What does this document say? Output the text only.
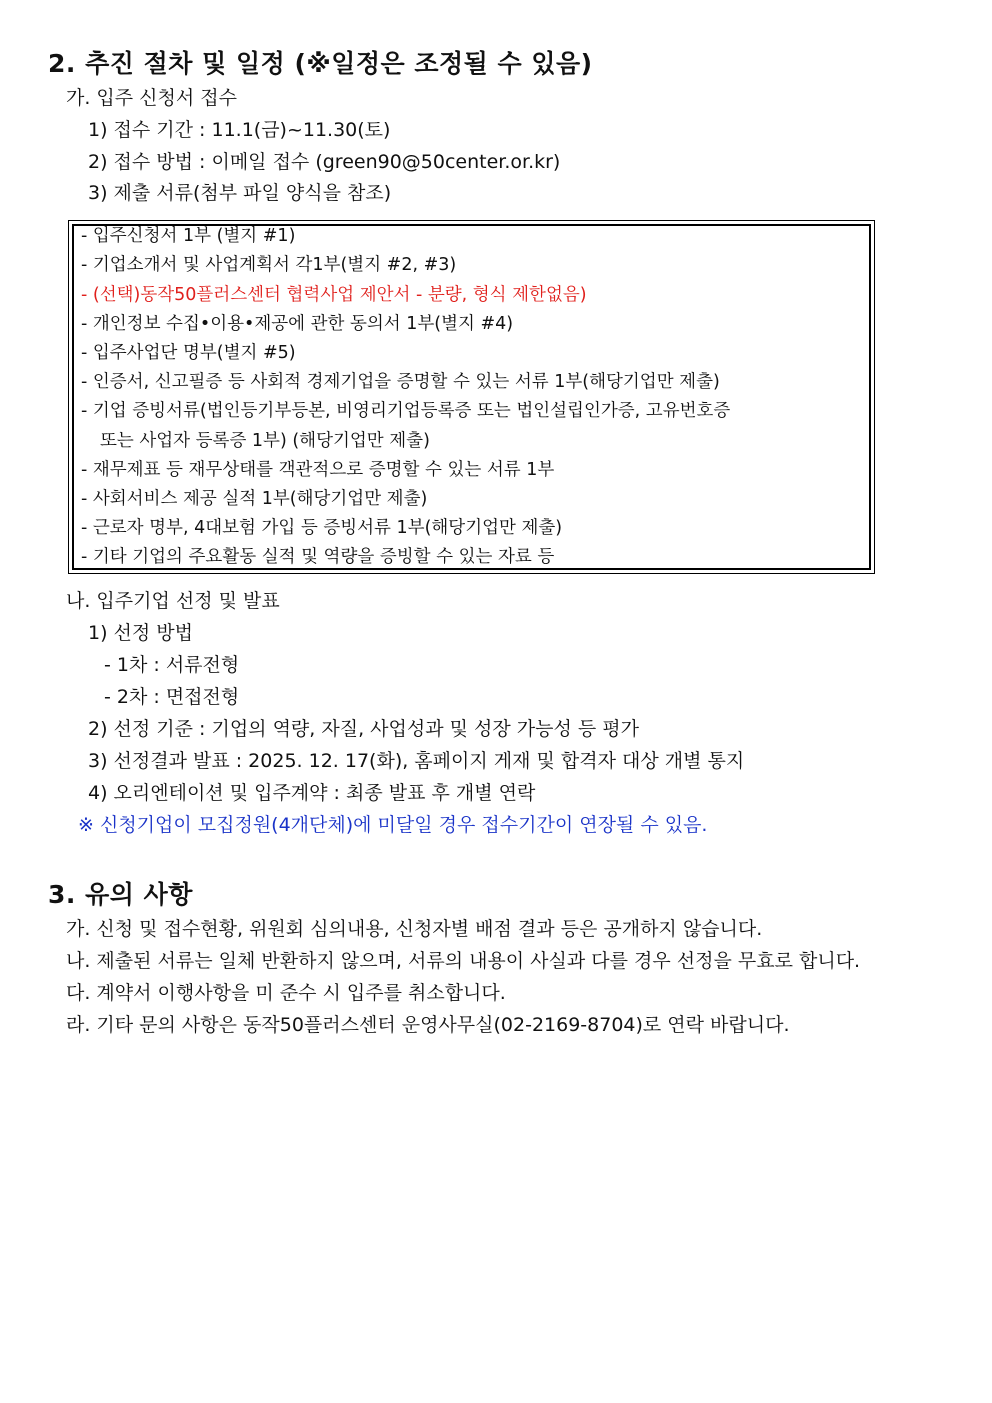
2. 추진 절차 및 일정 (※일정은 조정될 수 있음)
가. 입주 신청서 접수
1) 접수 기간 : 11.1(금)~11.30(토)
2) 접수 방법 : 이메일 접수 (green90@50center.or.kr)
3) 제출 서류(첨부 파일 양식을 참조)
- 입주신청서 1부 (별지 #1)
- 기업소개서 및 사업계획서 각1부(별지 #2, #3)
- (선택)동작50플러스센터 협력사업 제안서 - 분량, 형식 제한없음)
- 개인정보 수집•이용•제공에 관한 동의서 1부(별지 #4)
- 입주사업단 명부(별지 #5)
- 인증서, 신고필증 등 사회적 경제기업을 증명할 수 있는 서류 1부(해당기업만 제출)
- 기업 증빙서류(법인등기부등본, 비영리기업등록증 또는 법인설립인가증, 고유번호증
또는 사업자 등록증 1부) (해당기업만 제출)
- 재무제표 등 재무상태를 객관적으로 증명할 수 있는 서류 1부
- 사회서비스 제공 실적 1부(해당기업만 제출)
- 근로자 명부, 4대보험 가입 등 증빙서류 1부(해당기업만 제출)
- 기타 기업의 주요활동 실적 및 역량을 증빙할 수 있는 자료 등
나. 입주기업 선정 및 발표
1) 선정 방법
- 1차 : 서류전형
- 2차 : 면접전형
2) 선정 기준 : 기업의 역량, 자질, 사업성과 및 성장 가능성 등 평가
3) 선정결과 발표 : 2025. 12. 17(화), 홈페이지 게재 및 합격자 대상 개별 통지
4) 오리엔테이션 및 입주계약 : 최종 발표 후 개별 연락
※ 신청기업이 모집정원(4개단체)에 미달일 경우 접수기간이 연장될 수 있음.
3. 유의 사항
가. 신청 및 접수현황, 위원회 심의내용, 신청자별 배점 결과 등은 공개하지 않습니다.
나. 제출된 서류는 일체 반환하지 않으며, 서류의 내용이 사실과 다를 경우 선정을 무효로 합니다.
다. 계약서 이행사항을 미 준수 시 입주를 취소합니다.
라. 기타 문의 사항은 동작50플러스센터 운영사무실(02-2169-8704)로 연락 바랍니다.
